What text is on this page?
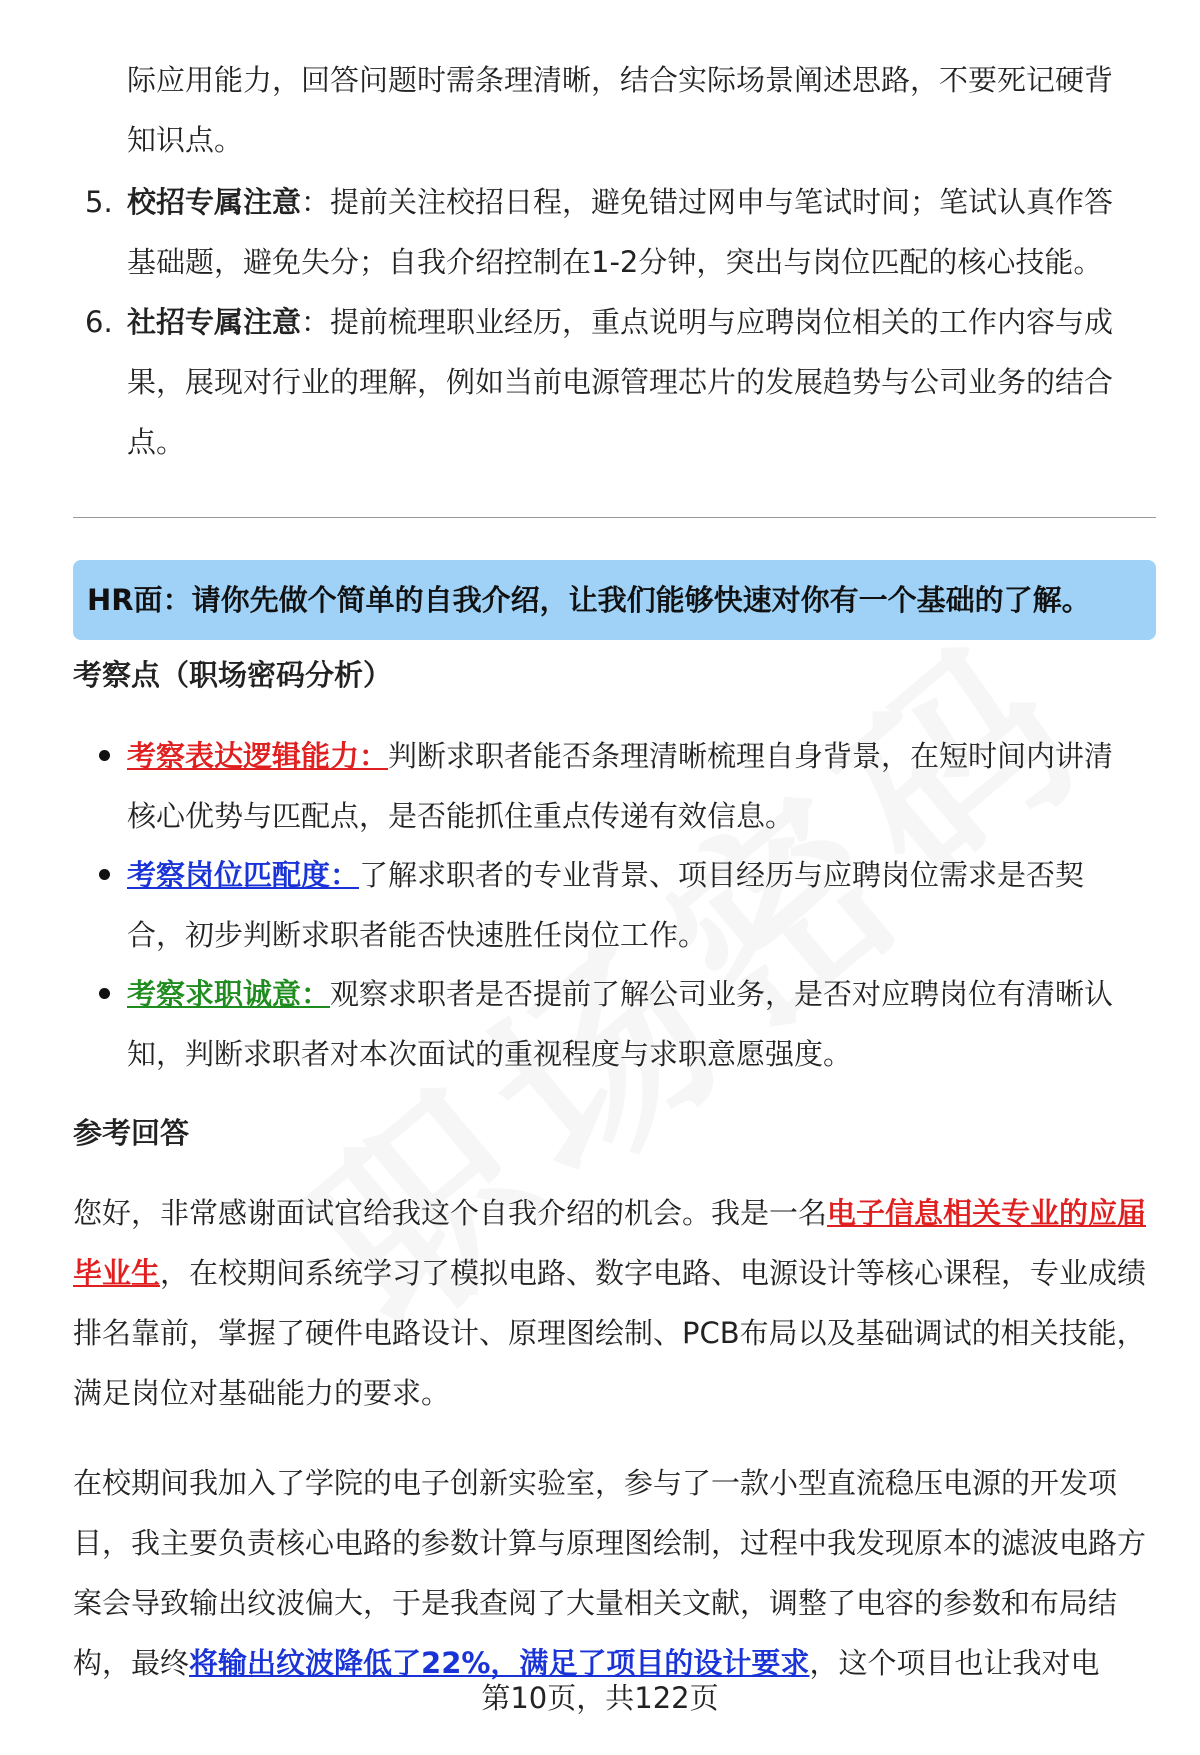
际应用能力，回答问题时需条理清晰，结合实际场景阐述思路，不要死记硬背知识点。
5. 校招专属注意：提前关注校招日程，避免错过网申与笔试时间；笔试认真作答基础题，避免失分；自我介绍控制在1-2分钟，突出与岗位匹配的核心技能。
6. 社招专属注意：提前梳理职业经历，重点说明与应聘岗位相关的工作内容与成果，展现对行业的理解，例如当前电源管理芯片的发展趋势与公司业务的结合点。
HR面：请你先做个简单的自我介绍，让我们能够快速对你有一个基础的了解。
考察点（职场密码分析）
考察表达逻辑能力：判断求职者能否条理清晰梳理自身背景，在短时间内讲清核心优势与匹配点，是否能抓住重点传递有效信息。
考察岗位匹配度：了解求职者的专业背景、项目经历与应聘岗位需求是否契合，初步判断求职者能否快速胜任岗位工作。
考察求职诚意：观察求职者是否提前了解公司业务，是否对应聘岗位有清晰认知，判断求职者对本次面试的重视程度与求职意愿强度。
参考回答
您好，非常感谢面试官给我这个自我介绍的机会。我是一名电子信息相关专业的应届毕业生，在校期间系统学习了模拟电路、数字电路、电源设计等核心课程，专业成绩排名靠前，掌握了硬件电路设计、原理图绘制、PCB布局以及基础调试的相关技能，满足岗位对基础能力的要求。
在校期间我加入了学院的电子创新实验室，参与了一款小型直流稳压电源的开发项目，我主要负责核心电路的参数计算与原理图绘制，过程中我发现原本的滤波电路方案会导致输出纹波偏大，于是我查阅了大量相关文献，调整了电容的参数和布局结构，最终将输出纹波降低了22%，满足了项目的设计要求，这个项目也让我对电
第10页，共122页
